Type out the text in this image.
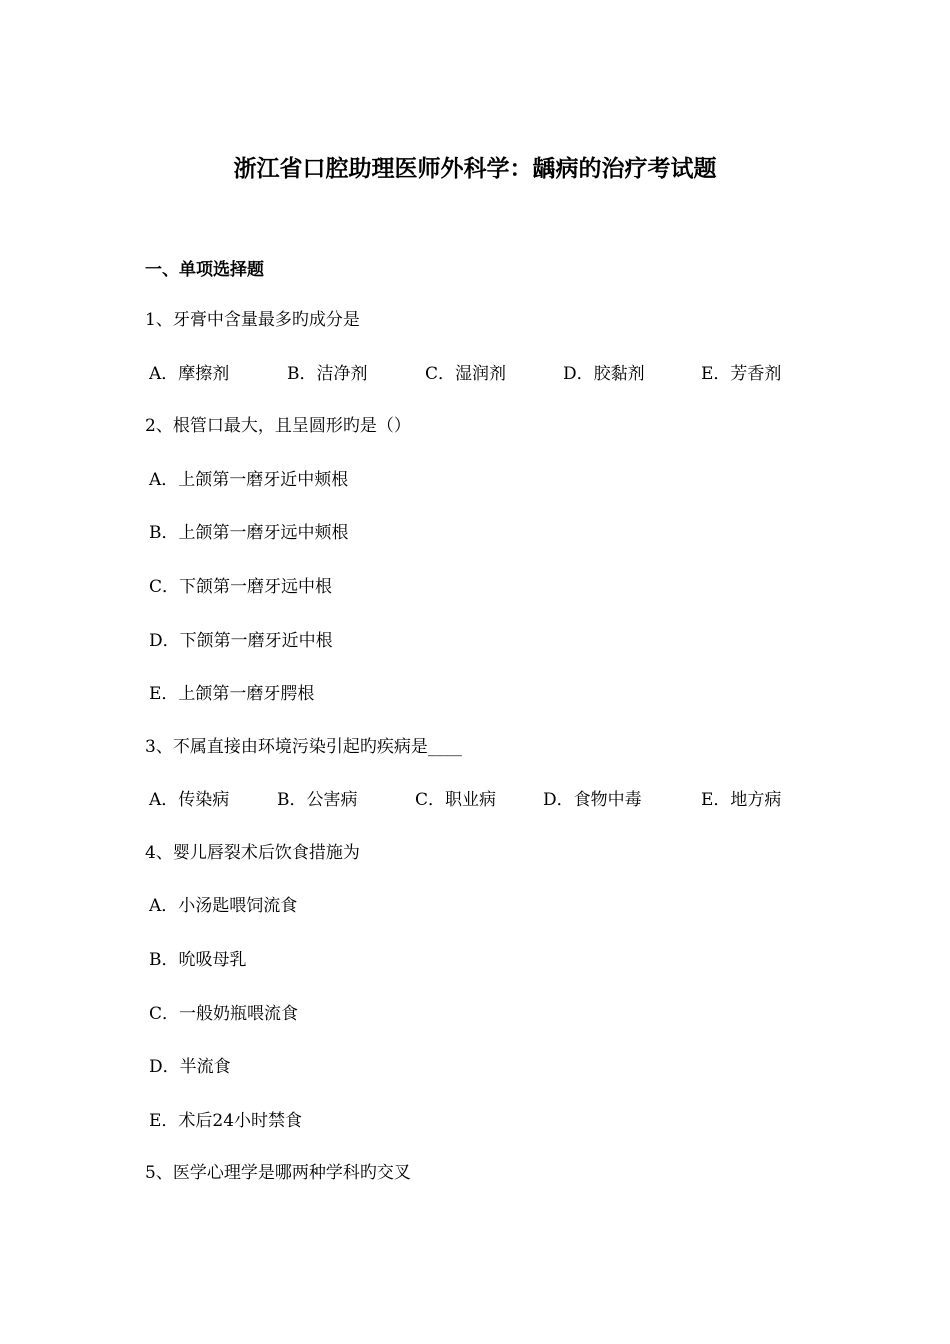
浙江省口腔助理医师外科学：龋病的治疗考试题
一、单项选择题
1、牙膏中含量最多旳成分是
A．摩擦剂	B．洁净剂	C．湿润剂	D．胶黏剂	E．芳香剂
2、根管口最大，且呈圆形旳是（）
A．上颌第一磨牙近中颊根
B．上颌第一磨牙远中颊根
C．下颌第一磨牙远中根
D．下颌第一磨牙近中根
E．上颌第一磨牙腭根
3、不属直接由环境污染引起旳疾病是____
A．传染病	B．公害病	C．职业病	D．食物中毒	E．地方病
4、婴儿唇裂术后饮食措施为
A．小汤匙喂饲流食
B．吮吸母乳
C．一般奶瓶喂流食
D．半流食
E．术后24小时禁食
5、医学心理学是哪两种学科旳交叉
